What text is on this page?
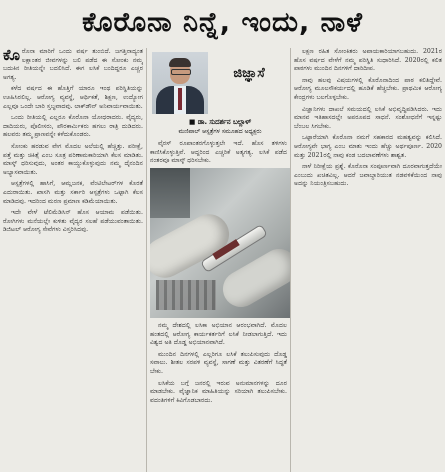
ಕೊರೊನಾ ನಿನ್ನೆ, ಇಂದು, ನಾಳೆ

ಕೊರೊನಾ ಮಾರಿಗೆ ಒಂದು ವರ್ಷ ತುಂಬಿದೆ. ಜಗತ್ತಿನಾದ್ಯಂತ ಲಕ್ಷಾಂತರ ಜೀವಗಳನ್ನು ಬಲಿ ಪಡೆದ ಈ ಸೋಂಕು ನಮ್ಮ ಬದುಕಿನ ರೀತಿಯನ್ನೇ ಬದಲಿಸಿದೆ. ಈಗ ಲಸಿಕೆ ಬಂದಿದ್ದರೂ ಎಚ್ಚರ ಅಗತ್ಯ.

ಕಳೆದ ವರ್ಷದ ಈ ಹೊತ್ತಿಗೆ ಯಾರೂ ಇಂಥ ಪರಿಸ್ಥಿತಿಯನ್ನು ಊಹಿಸಿರಲಿಲ್ಲ. ಆರೋಗ್ಯ ವ್ಯವಸ್ಥೆ, ಆರ್ಥಿಕತೆ, ಶಿಕ್ಷಣ, ಉದ್ಯೋಗ ಎಲ್ಲವೂ ಒಂದೇ ಬಾರಿ ಸ್ತಬ್ಧವಾದವು. ಲಾಕ್‌ಡೌನ್ ಅನಿವಾರ್ಯವಾಯಿತು.

ಒಂದು ರೀತಿಯಲ್ಲಿ ಎಲ್ಲರೂ ಕೊರೊನಾ ಯೋಧರಾದರು. ವೈದ್ಯರು, ದಾದಿಯರು, ಪೊಲೀಸರು, ಪೌರಕಾರ್ಮಿಕರು ಹಗಲು ರಾತ್ರಿ ದುಡಿದರು. ಹಲವರು ತಮ್ಮ ಪ್ರಾಣವನ್ನೇ ಕಳೆದುಕೊಂಡರು.

ಸೋಂಕು ಹರಡುವ ವೇಗ ಮೊದಲ ಅಲೆಯಲ್ಲಿ ಹೆಚ್ಚಿತ್ತು. ಪರೀಕ್ಷೆ, ಪತ್ತೆ ಮತ್ತು ಚಿಕಿತ್ಸೆ ಎಂಬ ಸೂತ್ರ ಪರಿಣಾಮಕಾರಿಯಾಗಿ ಕೆಲಸ ಮಾಡಿತು. ಮಾಸ್ಕ್ ಧರಿಸುವುದು, ಅಂತರ ಕಾಯ್ದುಕೊಳ್ಳುವುದು ನಮ್ಮ ದೈನಂದಿನ ಅಭ್ಯಾಸವಾಯಿತು.

ಆಸ್ಪತ್ರೆಗಳಲ್ಲಿ ಹಾಸಿಗೆ, ಆಮ್ಲಜನಕ, ವೆಂಟಿಲೇಟರ್‌ಗಳ ಕೊರತೆ ಎದುರಾಯಿತು. ಖಾಸಗಿ ಮತ್ತು ಸರ್ಕಾರಿ ಆಸ್ಪತ್ರೆಗಳು ಒಟ್ಟಾಗಿ ಕೆಲಸ ಮಾಡಿದವು. ಇದರಿಂದ ಮರಣ ಪ್ರಮಾಣ ಕಡಿಮೆಯಾಯಿತು.

ಇದೇ ವೇಳೆ ಟೆಲಿಮೆಡಿಸಿನ್ ಹೊಸ ಆಯಾಮ ಪಡೆಯಿತು. ರೋಗಿಗಳು ಮನೆಯಲ್ಲೇ ಕುಳಿತು ವೈದ್ಯರ ಸಲಹೆ ಪಡೆಯುವಂತಾಯಿತು. ಡಿಜಿಟಲ್ ಆರೋಗ್ಯ ಸೇವೆಗಳು ವಿಸ್ತರಿಸಿದವು.

ಜಿಜ್ಞಾಸೆ
■ ಡಾ. ಸುದರ್ಶನ ಬಲ್ಲಾಳ್
ಮಣಿಪಾಲ್ ಆಸ್ಪತ್ರೆಗಳ ಸಮೂಹದ ಅಧ್ಯಕ್ಷರು

ವೈರಸ್ ರೂಪಾಂತರಗೊಳ್ಳುತ್ತಲೇ ಇದೆ. ಹೊಸ ತಳಿಗಳು ಕಾಣಿಸಿಕೊಳ್ಳುತ್ತಿವೆ. ಆದ್ದರಿಂದ ಎಚ್ಚರಿಕೆ ಅತ್ಯಗತ್ಯ. ಲಸಿಕೆ ಪಡೆದ ನಂತರವೂ ಮಾಸ್ಕ್ ಧರಿಸಬೇಕು.

ನಮ್ಮ ದೇಶದಲ್ಲಿ ಲಸಿಕಾ ಅಭಿಯಾನ ಆರಂಭವಾಗಿದೆ. ಮೊದಲ ಹಂತದಲ್ಲಿ ಆರೋಗ್ಯ ಕಾರ್ಯಕರ್ತರಿಗೆ ಲಸಿಕೆ ನೀಡಲಾಗುತ್ತಿದೆ. ಇದು ವಿಶ್ವದ ಅತಿ ದೊಡ್ಡ ಅಭಿಯಾನವಾಗಿದೆ.

ಮುಂದಿನ ದಿನಗಳಲ್ಲಿ ಎಲ್ಲರಿಗೂ ಲಸಿಕೆ ತಲುಪಿಸುವುದು ದೊಡ್ಡ ಸವಾಲು. ಶೀತಲ ಸರಪಳಿ ವ್ಯವಸ್ಥೆ, ಸಾಗಣೆ ಮತ್ತು ವಿತರಣೆಗೆ ಸಿದ್ಧತೆ ಬೇಕು.

ಲಸಿಕೆಯ ಬಗ್ಗೆ ಜನರಲ್ಲಿ ಇರುವ ಅನುಮಾನಗಳನ್ನು ದೂರ ಮಾಡಬೇಕು. ವೈಜ್ಞಾನಿಕ ಮಾಹಿತಿಯನ್ನು ಸರಿಯಾಗಿ ತಲುಪಿಸಬೇಕು. ವದಂತಿಗಳಿಗೆ ಕಿವಿಗೊಡಬಾರದು.

ಲಕ್ಷಣ ರಹಿತ ಸೋಂಕಿತರು ಅಪಾಯಕಾರಿಯಾಗಬಹುದು. 2021ರ ಹೊಸ ವರ್ಷದ ವೇಳೆಗೆ ನಮ್ಮ ಪರಿಸ್ಥಿತಿ ಸುಧಾರಿಸಿದೆ. 2020ರಲ್ಲಿ ಕಲಿತ ಪಾಠಗಳು ಮುಂದಿನ ದಿನಗಳಿಗೆ ದಾರಿದೀಪ.

ನಾವು ಹಲವು ವಿಷಯಗಳಲ್ಲಿ ಕೊರೊನಾದಿಂದ ಪಾಠ ಕಲಿತಿದ್ದೇವೆ. ಆರೋಗ್ಯ ಮೂಲಸೌಕರ್ಯದಲ್ಲಿ ಹೂಡಿಕೆ ಹೆಚ್ಚಬೇಕು. ಪ್ರಾಥಮಿಕ ಆರೋಗ್ಯ ಕೇಂದ್ರಗಳು ಬಲಗೊಳ್ಳಬೇಕು.

ವಿಜ್ಞಾನಿಗಳು ದಾಖಲೆ ಸಮಯದಲ್ಲಿ ಲಸಿಕೆ ಅಭಿವೃದ್ಧಿಪಡಿಸಿದರು. ಇದು ಮಾನವ ಇತಿಹಾಸದಲ್ಲೇ ಅಪರೂಪದ ಸಾಧನೆ. ಸಂಶೋಧನೆಗೆ ಇನ್ನಷ್ಟು ಬೆಂಬಲ ಸಿಗಬೇಕು.

ಒಟ್ಟಾರೆಯಾಗಿ ಕೊರೊನಾ ನಮಗೆ ಸಹಕಾರದ ಮಹತ್ವವನ್ನು ಕಲಿಸಿದೆ. ಆರೋಗ್ಯವೇ ಭಾಗ್ಯ ಎಂಬ ಮಾತು ಇಂದು ಹೆಚ್ಚು ಅರ್ಥಪೂರ್ಣ. 2020 ಮತ್ತು 2021ರಲ್ಲಿ ನಾವು ಕಂಡ ಬದಲಾವಣೆಗಳು ಶಾಶ್ವತ.

ನಾಳೆ ನಿರೀಕ್ಷೆಯ ಪ್ರಶ್ನೆ. ಕೊರೊನಾ ಸಂಪೂರ್ಣವಾಗಿ ದೂರವಾಗುತ್ತದೆಯೇ ಎಂಬುದು ಖಚಿತವಿಲ್ಲ. ಆದರೆ ಜವಾಬ್ದಾರಿಯುತ ನಡವಳಿಕೆಯಿಂದ ನಾವು ಅದನ್ನು ನಿಯಂತ್ರಿಸಬಹುದು.
